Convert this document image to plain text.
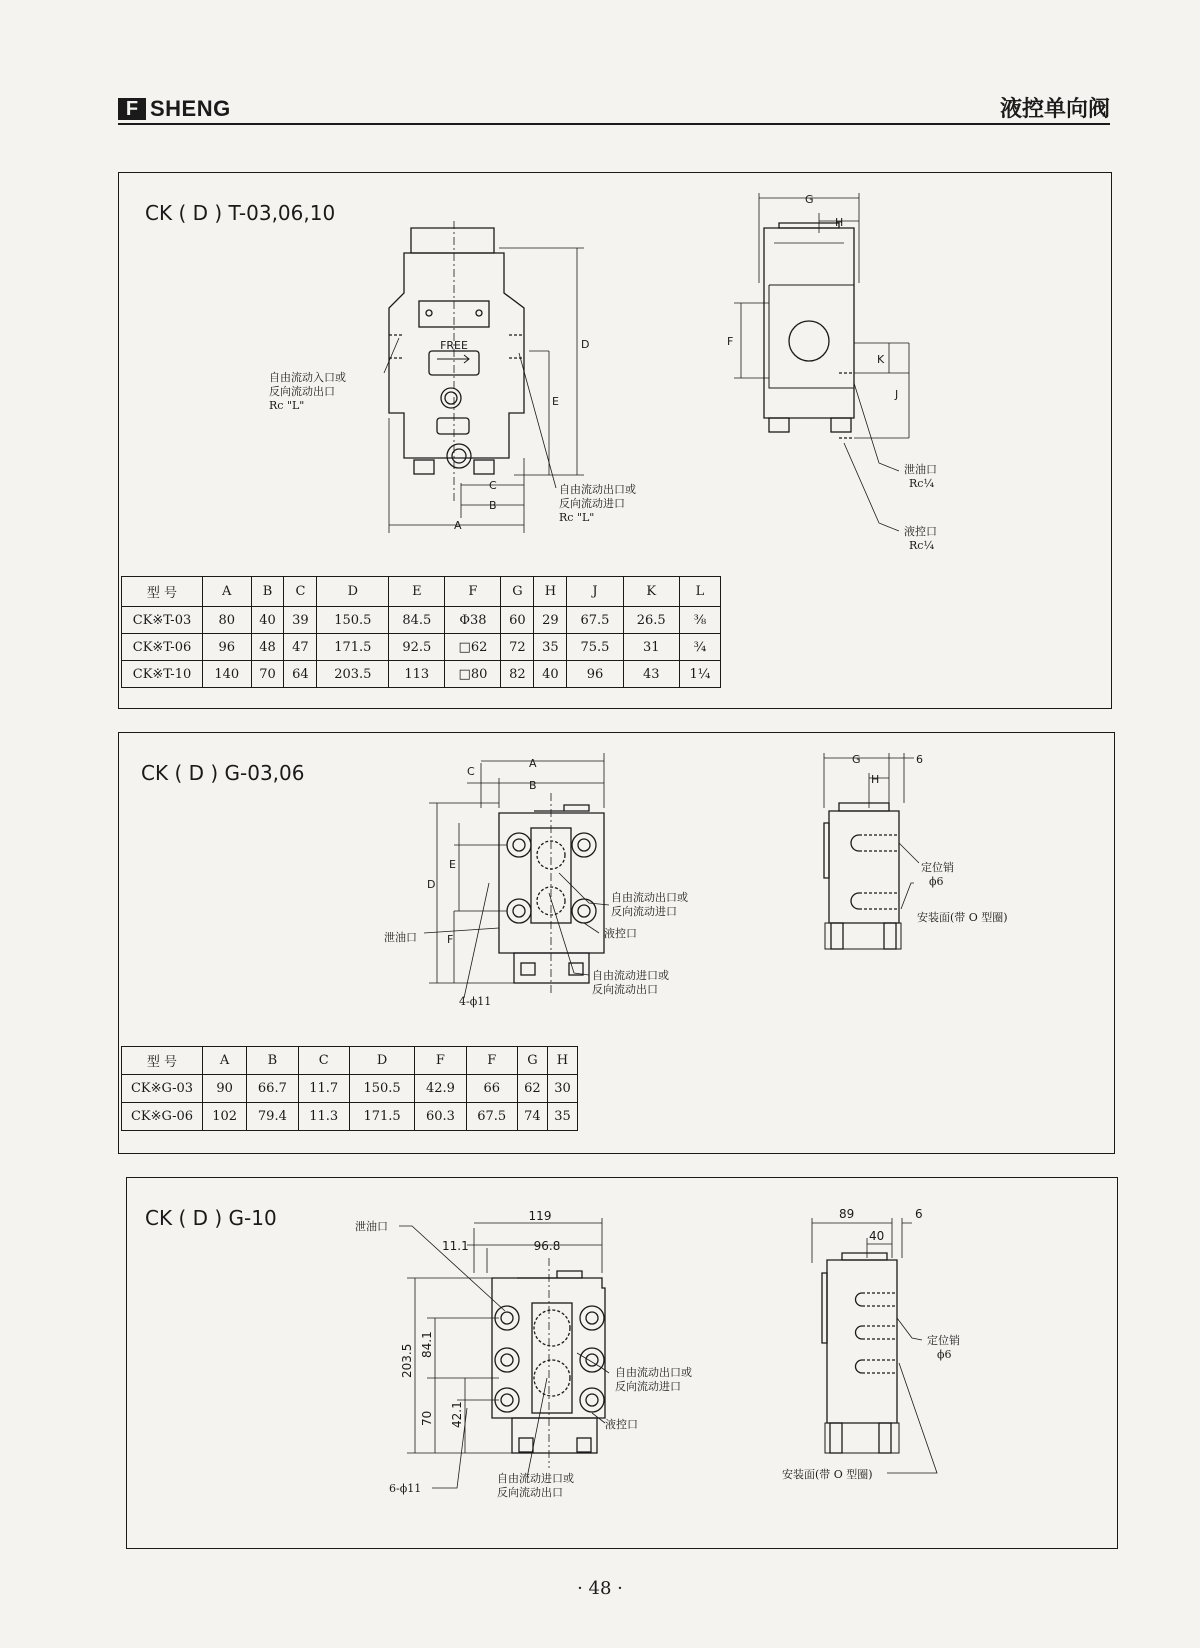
F SHENG	液控单向阀
CK ( D ) T-03,06,10
FREE	D
E
C
B
A
G
H
F
K
J
自由流动入口或
反向流动出口
Rc "L"
自由流动出口或
反向流动进口
Rc "L"
泄油口
Rc¼
液控口
Rc¼
型 号	A	B	C	D	E	F	G	H	J	K	L
CK※T-03	80	40	39	150.5	84.5	Φ38	60	29	67.5	26.5	⅜
CK※T-06	96	48	47	171.5	92.5	□62	72	35	75.5	31	¾
CK※T-10	140	70	64	203.5	113	□80	82	40	96	43	1¼
CK ( D ) G-03,06	A
B
C
D
E
F
G
H
6
自由流动出口或
反向流动进口
液控口
泄油口
自由流动进口或
反向流动出口
4-ϕ11
定位销
ϕ6
安装面(带 O 型圈)
型 号	A	B	C	D	F	F	G	H
CK※G-03	90	66.7	11.7	150.5	42.9	66	62	30
CK※G-06	102	79.4	11.3	171.5	60.3	67.5	74	35
CK ( D ) G-10	119
11.1	96.8
203.5 84.1
70 42.1
89
40
6
泄油口
自由流动出口或
反向流动进口
液控口
自由流动进口或
反向流动出口
6-ϕ11
定位销
ϕ6
安装面(带 O 型圈)
· 48 ·
